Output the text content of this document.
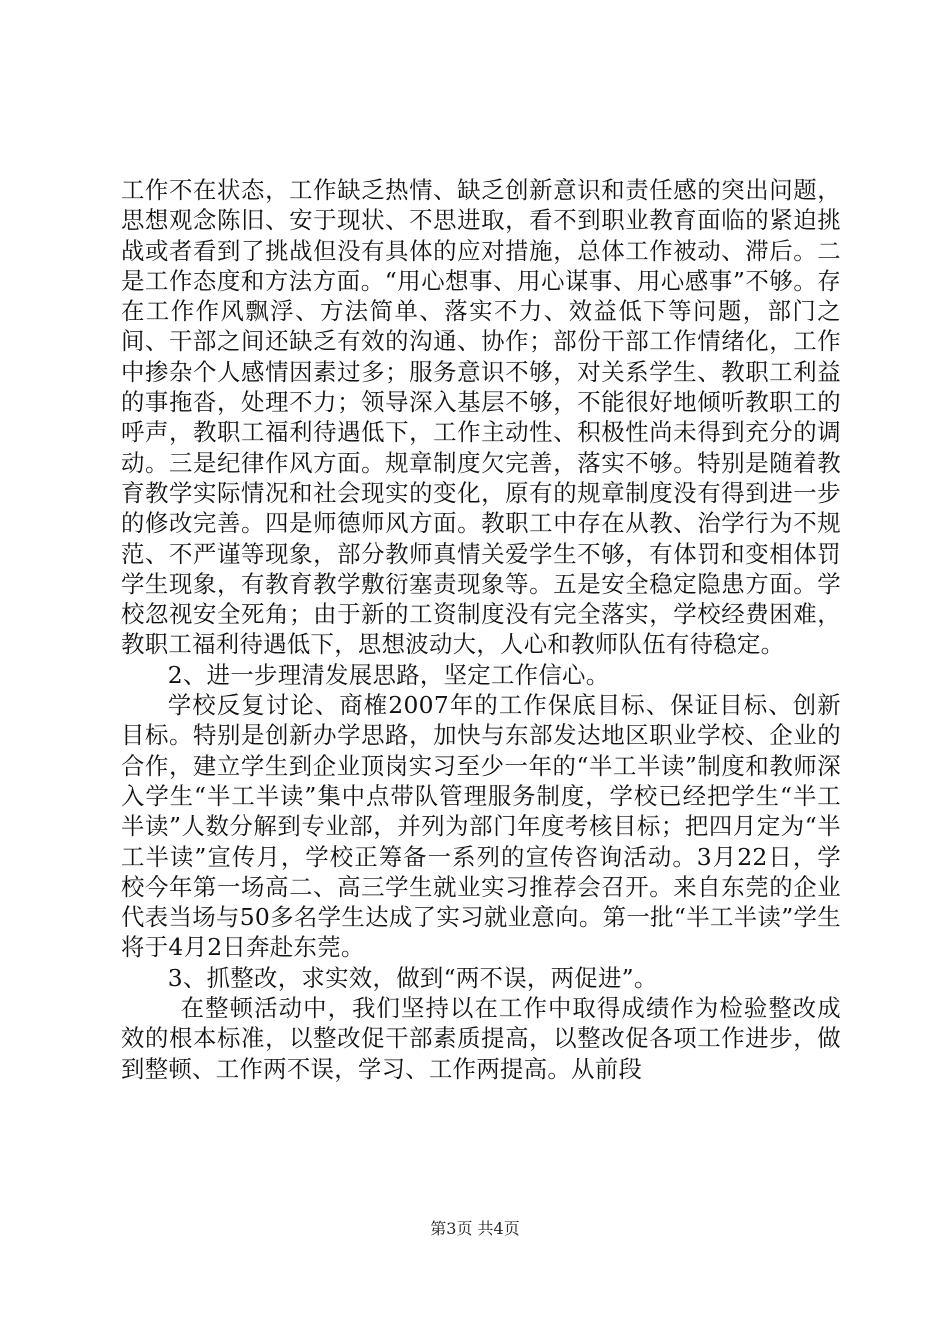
工作不在状态，工作缺乏热情、缺乏创新意识和责任感的突出问题，思想观念陈旧、安于现状、不思进取，看不到职业教育面临的紧迫挑战或者看到了挑战但没有具体的应对措施，总体工作被动、滞后。二是工作态度和方法方面。“用心想事、用心谋事、用心感事”不够。存在工作作风飘浮、方法简单、落实不力、效益低下等问题，部门之间、干部之间还缺乏有效的沟通、协作；部份干部工作情绪化，工作中掺杂个人感情因素过多；服务意识不够，对关系学生、教职工利益的事拖沓，处理不力；领导深入基层不够，不能很好地倾听教职工的呼声，教职工福利待遇低下，工作主动性、积极性尚未得到充分的调动。三是纪律作风方面。规章制度欠完善，落实不够。特别是随着教育教学实际情况和社会现实的变化，原有的规章制度没有得到进一步的修改完善。四是师德师风方面。教职工中存在从教、治学行为不规范、不严谨等现象，部分教师真情关爱学生不够，有体罚和变相体罚学生现象，有教育教学敷衍塞责现象等。五是安全稳定隐患方面。学校忽视安全死角；由于新的工资制度没有完全落实，学校经费困难，教职工福利待遇低下，思想波动大，人心和教师队伍有待稳定。

2、进一步理清发展思路，坚定工作信心。

学校反复讨论、商榷2007年的工作保底目标、保证目标、创新目标。特别是创新办学思路，加快与东部发达地区职业学校、企业的合作，建立学生到企业顶岗实习至少一年的“半工半读”制度和教师深入学生“半工半读”集中点带队管理服务制度，学校已经把学生“半工半读”人数分解到专业部，并列为部门年度考核目标；把四月定为“半工半读”宣传月，学校正筹备一系列的宣传咨询活动。3月22日，学校今年第一场高二、高三学生就业实习推荐会召开。来自东莞的企业代表当场与50多名学生达成了实习就业意向。第一批“半工半读”学生将于4月2日奔赴东莞。

3、抓整改，求实效，做到“两不误，两促进”。

在整顿活动中，我们坚持以在工作中取得成绩作为检验整改成效的根本标准，以整改促干部素质提高，以整改促各项工作进步，做到整顿、工作两不误，学习、工作两提高。从前段

第3页 共4页
